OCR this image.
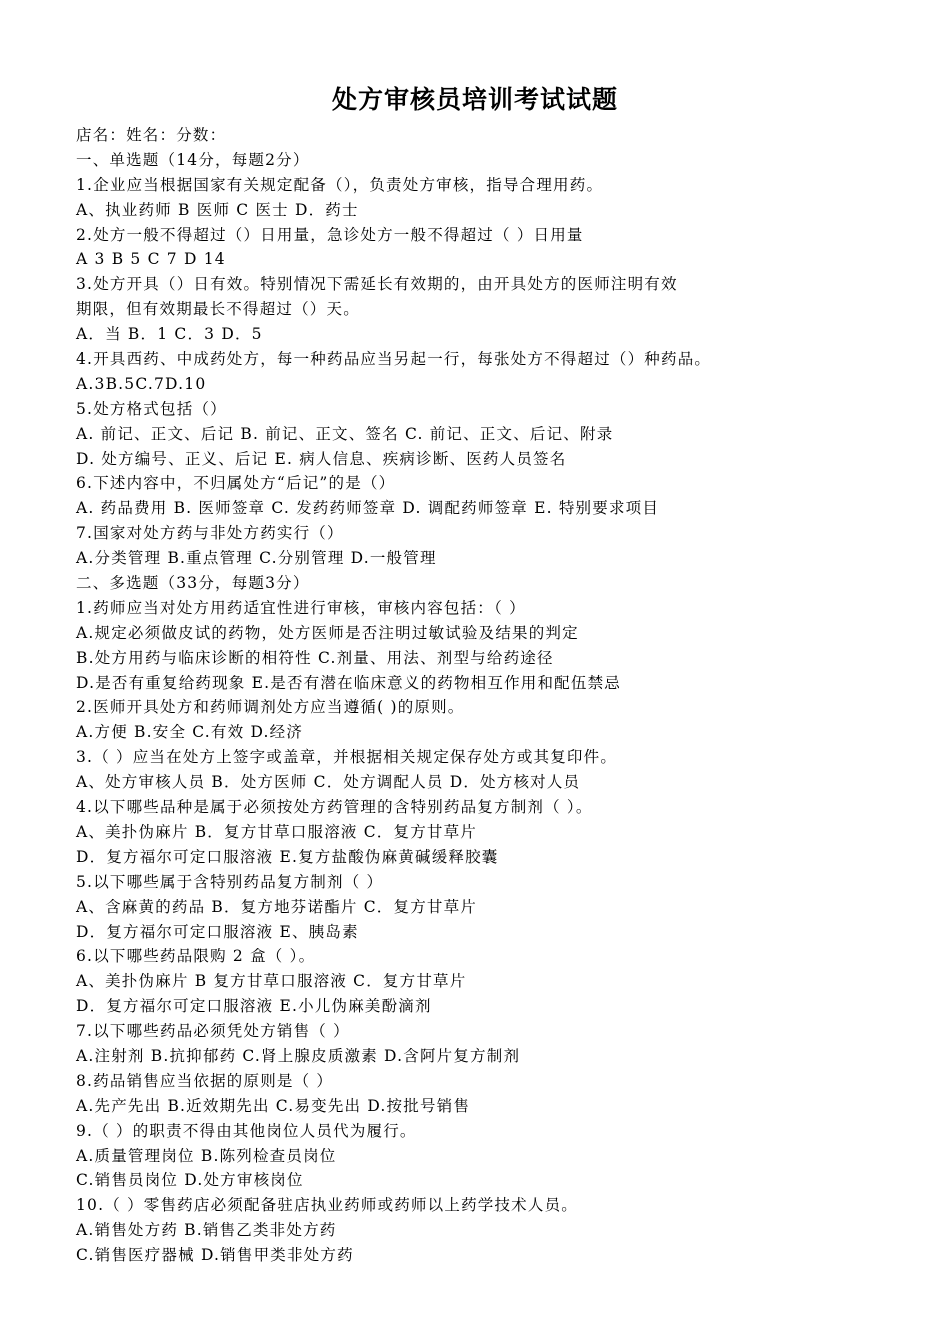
处方审核员培训考试试题
店名：姓名：分数：
一、单选题（14分，每题2分）
1.企业应当根据国家有关规定配备（），负责处方审核，指导合理用药。
A、执业药师 B 医师 C 医士 D．药士
2.处方一般不得超过（）日用量，急诊处方一般不得超过（ ）日用量
A 3 B 5 C 7 D 14
3.处方开具（）日有效。特别情况下需延长有效期的，由开具处方的医师注明有效
期限，但有效期最长不得超过（）天。
A．当 B．1 C．3 D．5
4.开具西药、中成药处方，每一种药品应当另起一行，每张处方不得超过（）种药品。
A.3B.5C.7D.10
5.处方格式包括（）
A. 前记、正文、后记 B. 前记、正文、签名 C. 前记、正文、后记、附录
D. 处方编号、正义、后记 E. 病人信息、疾病诊断、医药人员签名
6.下述内容中，不归属处方“后记”的是（）
A. 药品费用 B. 医师签章 C. 发药药师签章 D. 调配药师签章 E. 特别要求项目
7.国家对处方药与非处方药实行（）
A.分类管理 B.重点管理 C.分别管理 D.一般管理
二、多选题（33分，每题3分）
1.药师应当对处方用药适宜性进行审核，审核内容包括：（ ）
A.规定必须做皮试的药物，处方医师是否注明过敏试验及结果的判定
B.处方用药与临床诊断的相符性 C.剂量、用法、剂型与给药途径
D.是否有重复给药现象 E.是否有潜在临床意义的药物相互作用和配伍禁忌
2.医师开具处方和药师调剂处方应当遵循( )的原则。
A.方便 B.安全 C.有效 D.经济
3.（ ）应当在处方上签字或盖章，并根据相关规定保存处方或其复印件。
A、处方审核人员 B．处方医师 C．处方调配人员 D．处方核对人员
4.以下哪些品种是属于必须按处方药管理的含特别药品复方制剂（ ）。
A、美扑伪麻片 B．复方甘草口服溶液 C．复方甘草片
D．复方福尔可定口服溶液 E.复方盐酸伪麻黄碱缓释胶囊
5.以下哪些属于含特别药品复方制剂（ ）
A、含麻黄的药品 B．复方地芬诺酯片 C．复方甘草片
D．复方福尔可定口服溶液 E、胰岛素
6.以下哪些药品限购 2 盒（ ）。
A、美扑伪麻片 B 复方甘草口服溶液 C．复方甘草片
D．复方福尔可定口服溶液 E.小儿伪麻美酚滴剂
7.以下哪些药品必须凭处方销售（ ）
A.注射剂 B.抗抑郁药 C.肾上腺皮质激素 D.含阿片复方制剂
8.药品销售应当依据的原则是（ ）
A.先产先出 B.近效期先出 C.易变先出 D.按批号销售
9.（ ）的职责不得由其他岗位人员代为履行。
A.质量管理岗位 B.陈列检查员岗位
C.销售员岗位 D.处方审核岗位
10.（ ）零售药店必须配备驻店执业药师或药师以上药学技术人员。
A.销售处方药 B.销售乙类非处方药
C.销售医疗器械 D.销售甲类非处方药
